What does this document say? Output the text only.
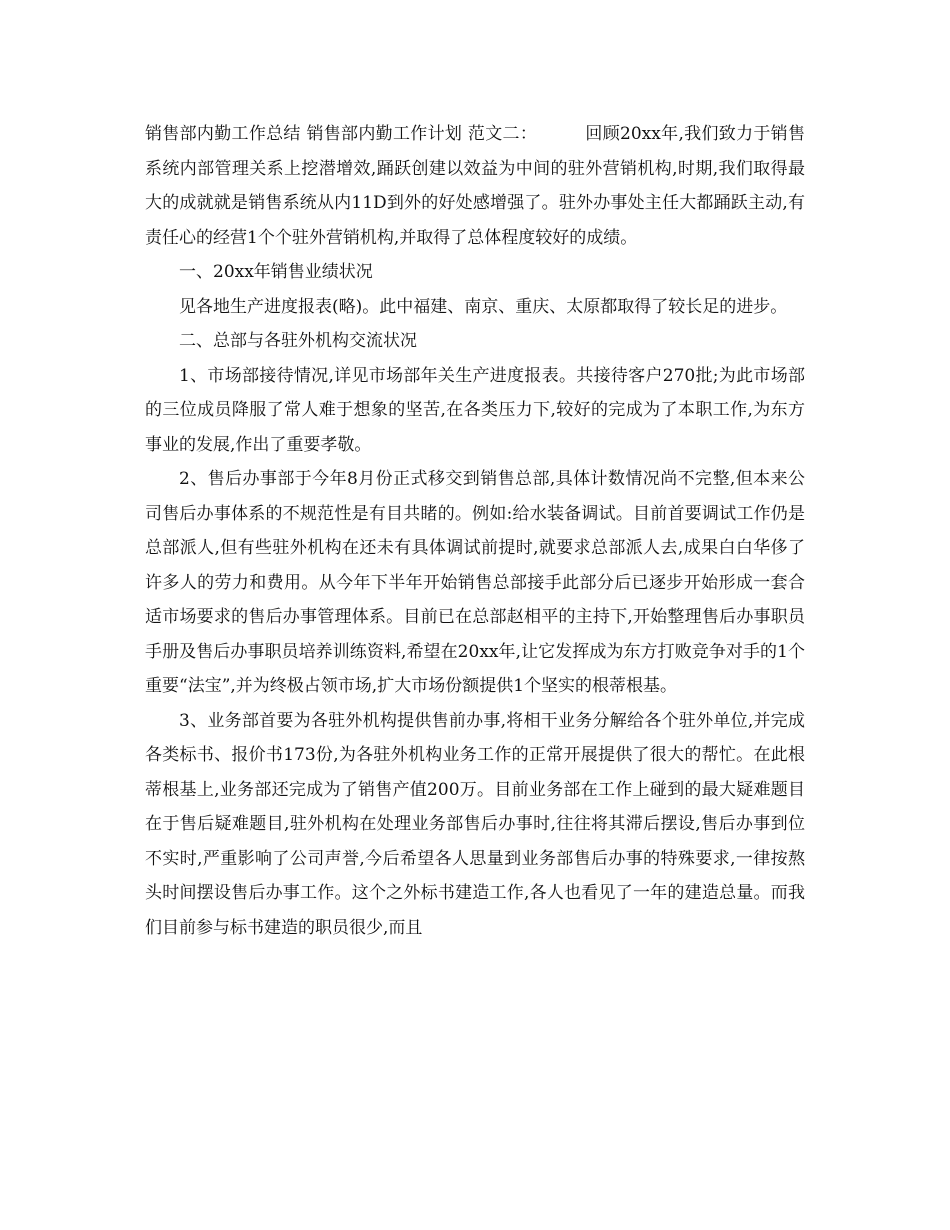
销售部内勤工作总结 销售部内勤工作计划 范文二：	回顾20xx年,我们致力于销售系统内部管理关系上挖潜增效,踊跃创建以效益为中间的驻外营销机构,时期,我们取得最大的成就就是销售系统从内11D到外的好处感增强了。驻外办事处主任大都踊跃主动,有责任心的经营1个个驻外营销机构,并取得了总体程度较好的成绩。

一、20xx年销售业绩状况

见各地生产进度报表(略)。此中福建、南京、重庆、太原都取得了较长足的进步。

二、总部与各驻外机构交流状况

1、市场部接待情况,详见市场部年关生产进度报表。共接待客户270批;为此市场部的三位成员降服了常人难于想象的坚苦,在各类压力下,较好的完成为了本职工作,为东方事业的发展,作出了重要孝敬。

2、售后办事部于今年8月份正式移交到销售总部,具体计数情况尚不完整,但本来公司售后办事体系的不规范性是有目共睹的。例如:给水装备调试。目前首要调试工作仍是总部派人,但有些驻外机构在还未有具体调试前提时,就要求总部派人去,成果白白华侈了许多人的劳力和费用。从今年下半年开始销售总部接手此部分后已逐步开始形成一套合适市场要求的售后办事管理体系。目前已在总部赵相平的主持下,开始整理售后办事职员手册及售后办事职员培养训练资料,希望在20xx年,让它发挥成为东方打败竞争对手的1个重要“法宝”,并为终极占领市场,扩大市场份额提供1个坚实的根蒂根基。

3、业务部首要为各驻外机构提供售前办事,将相干业务分解给各个驻外单位,并完成各类标书、报价书173份,为各驻外机构业务工作的正常开展提供了很大的帮忙。在此根蒂根基上,业务部还完成为了销售产值200万。目前业务部在工作上碰到的最大疑难题目在于售后疑难题目,驻外机构在处理业务部售后办事时,往往将其滞后摆设,售后办事到位不实时,严重影响了公司声誉,今后希望各人思量到业务部售后办事的特殊要求,一律按熬头时间摆设售后办事工作。这个之外标书建造工作,各人也看见了一年的建造总量。而我们目前参与标书建造的职员很少,而且
